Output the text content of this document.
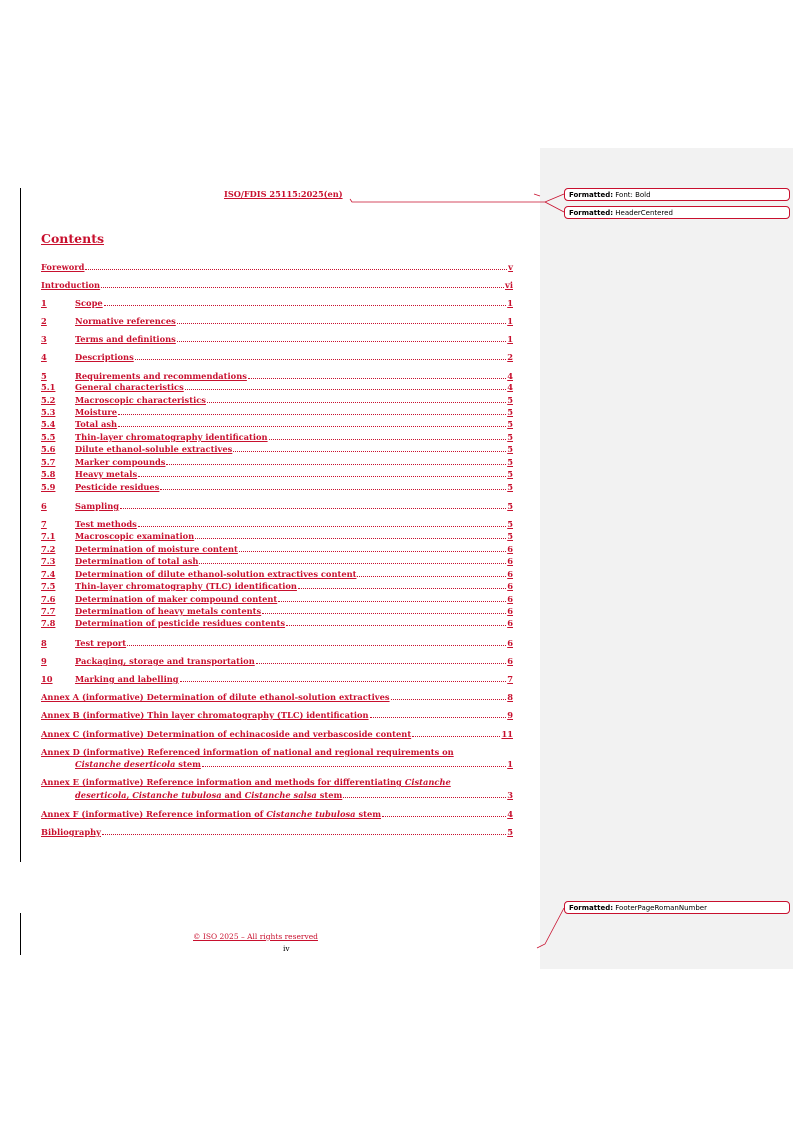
ISO/FDIS 25115:2025(en)
Contents
Foreword	v
Introduction	vi
1	Scope	1
2	Normative references	1
3	Terms and definitions	1
4	Descriptions	2
5	Requirements and recommendations	4
5.1	General characteristics	4
5.2	Macroscopic characteristics	5
5.3	Moisture	5
5.4	Total ash	5
5.5	Thin-layer chromatography identification	5
5.6	Dilute ethanol-soluble extractives	5
5.7	Marker compounds	5
5.8	Heavy metals	5
5.9	Pesticide residues	5
6	Sampling	5
7	Test methods	5
7.1	Macroscopic examination	5
7.2	Determination of moisture content	6
7.3	Determination of total ash	6
7.4	Determination of dilute ethanol-solution extractives content	6
7.5	Thin-layer chromatography (TLC) identification	6
7.6	Determination of maker compound content	6
7.7	Determination of heavy metals contents	6
7.8	Determination of pesticide residues contents	6
8	Test report	6
9	Packaging, storage and transportation	6
10	Marking and labelling	7
Annex A (informative) Determination of dilute ethanol-solution extractives	8
Annex B (informative) Thin layer chromatography (TLC) identification	9
Annex C (informative) Determination of echinacoside and verbascoside content	11
Annex D (informative) Referenced information of national and regional requirements on
Cistanche deserticola stem	1
Annex E (informative) Reference information and methods for differentiating Cistanche
deserticola, Cistanche tubulosa and Cistanche salsa stem	3
Annex F (informative) Reference information of Cistanche tubulosa stem	4
Bibliography	5
© ISO 2025 – All rights reserved
iv
Formatted: Font: Bold
Formatted: HeaderCentered
Formatted: FooterPageRomanNumber
